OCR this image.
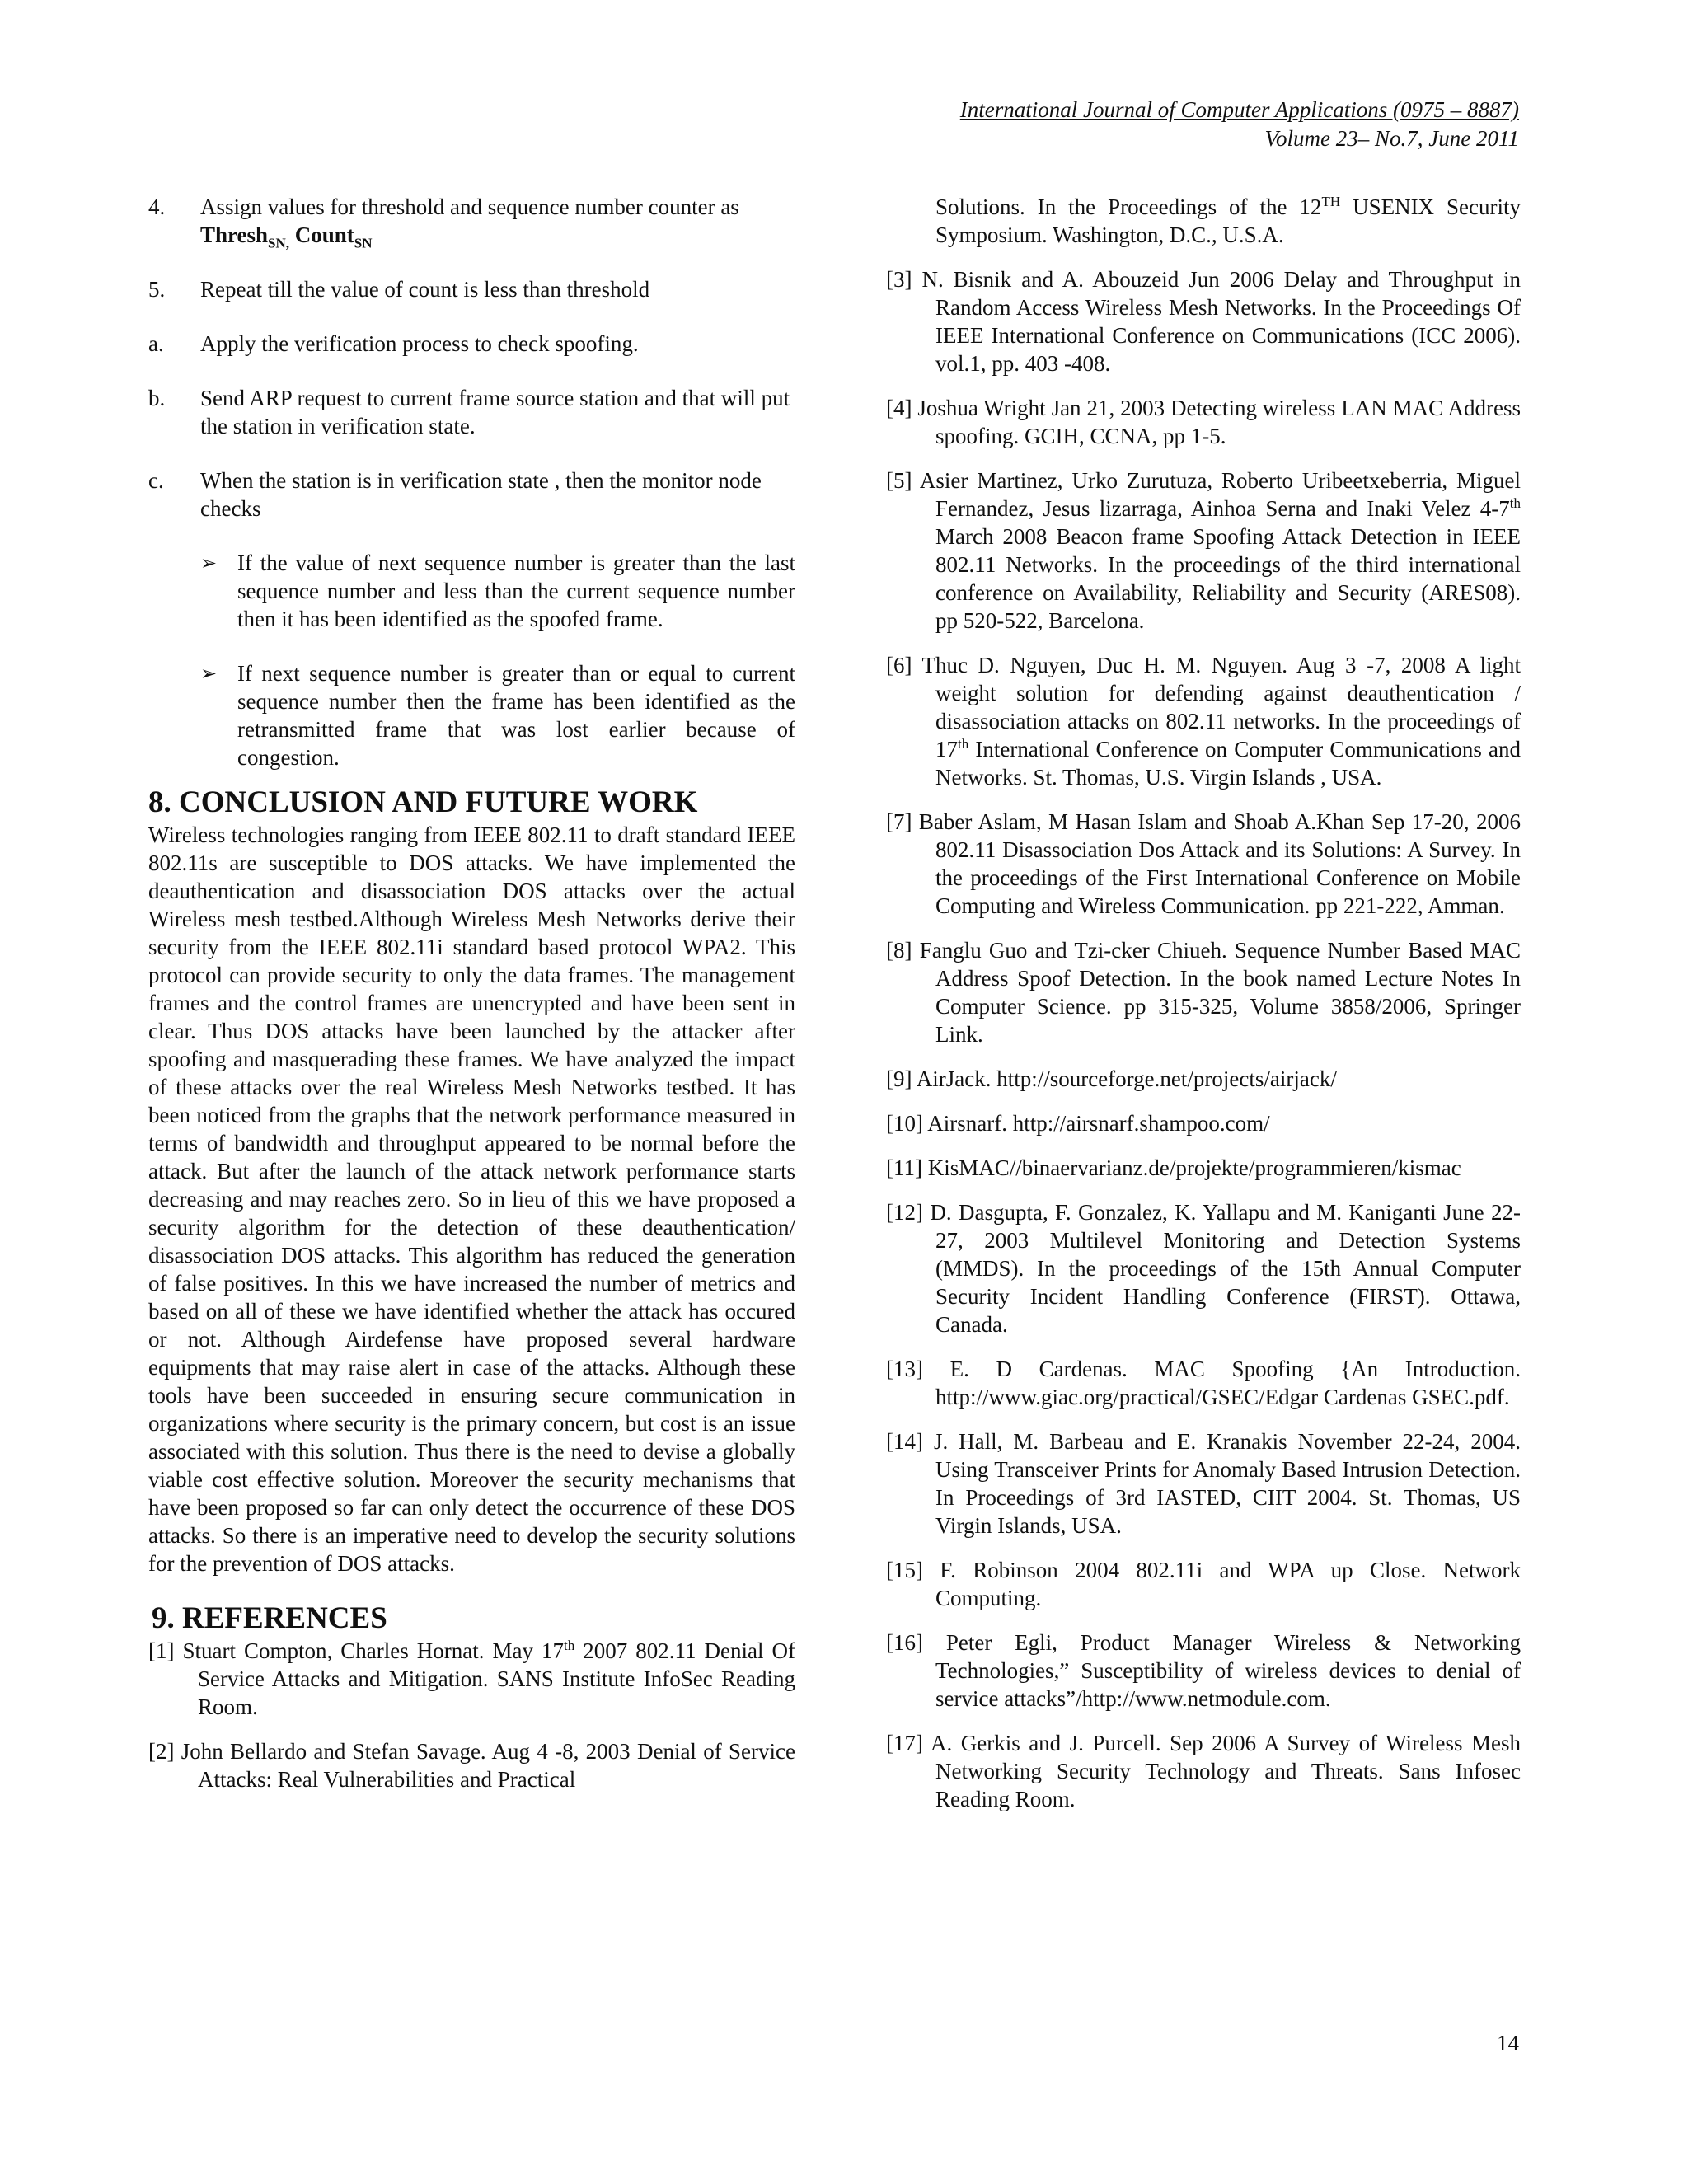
International Journal of Computer Applications (0975 – 8887)
Volume 23– No.7, June 2011
4.	Assign values for threshold and sequence number counter as Thresh$_{SN,}$ Count$_{SN}$
5.	Repeat till the value of count is less than threshold
a.	Apply the verification process to check spoofing.
b.	Send ARP request to current frame source station and that will put the station in verification state.
c.	When the station is in verification state , then the monitor node checks
➢ If the value of next sequence number is greater than the last sequence number and less than the current sequence number then it has been identified as the spoofed frame.
➢ If next sequence number is greater than or equal to current sequence number then the frame has been identified as the retransmitted frame that was lost earlier because of congestion.
8. CONCLUSION AND FUTURE WORK

Wireless technologies ranging from IEEE 802.11 to draft standard IEEE 802.11s are susceptible to DOS attacks. We have implemented the deauthentication and disassociation DOS attacks over the actual Wireless mesh testbed.Although Wireless Mesh Networks derive their security from the IEEE 802.11i standard based protocol WPA2. This protocol can provide security to only the data frames. The management frames and the control frames are unencrypted and have been sent in clear. Thus DOS attacks have been launched by the attacker after spoofing and masquerading these frames. We have analyzed the impact of these attacks over the real Wireless Mesh Networks testbed. It has been noticed from the graphs that the network performance measured in terms of bandwidth and throughput appeared to be normal before the attack. But after the launch of the attack network performance starts decreasing and may reaches zero. So in lieu of this we have proposed a security algorithm for the detection of these deauthentication/ disassociation DOS attacks. This algorithm has reduced the generation of false positives. In this we have increased the number of metrics and based on all of these we have identified whether the attack has occured or not. Although Airdefense have proposed several hardware equipments that may raise alert in case of the attacks. Although these tools have been succeeded in ensuring secure communication in organizations where security is the primary concern, but cost is an issue associated with this solution. Thus there is the need to devise a globally viable cost effective solution. Moreover the security mechanisms that have been proposed so far can only detect the occurrence of these DOS attacks. So there is an imperative need to develop the security solutions for the prevention of DOS attacks.

9. REFERENCES
[1] Stuart Compton, Charles Hornat. May 17th 2007 802.11 Denial Of Service Attacks and Mitigation. SANS Institute InfoSec Reading Room.
[2] John Bellardo and Stefan Savage. Aug 4 -8, 2003 Denial of Service Attacks: Real Vulnerabilities and Practical
Solutions. In the Proceedings of the 12TH USENIX Security Symposium. Washington, D.C., U.S.A.
[3] N. Bisnik and A. Abouzeid Jun 2006 Delay and Throughput in Random Access Wireless Mesh Networks. In the Proceedings Of IEEE International Conference on Communications (ICC 2006). vol.1, pp. 403 -408.
[4] Joshua Wright Jan 21, 2003 Detecting wireless LAN MAC Address spoofing. GCIH, CCNA, pp 1-5.
[5] Asier Martinez, Urko Zurutuza, Roberto Uribeetxeberria, Miguel Fernandez, Jesus lizarraga, Ainhoa Serna and Inaki Velez 4-7th March 2008 Beacon frame Spoofing Attack Detection in IEEE 802.11 Networks. In the proceedings of the third international conference on Availability, Reliability and Security (ARES08). pp 520-522, Barcelona.
[6] Thuc D. Nguyen, Duc H. M. Nguyen. Aug 3 -7, 2008 A light weight solution for defending against deauthentication / disassociation attacks on 802.11 networks. In the proceedings of 17th International Conference on Computer Communications and Networks. St. Thomas, U.S. Virgin Islands , USA.
[7] Baber Aslam, M Hasan Islam and Shoab A.Khan Sep 17-20, 2006 802.11 Disassociation Dos Attack and its Solutions: A Survey. In the proceedings of the First International Conference on Mobile Computing and Wireless Communication. pp 221-222, Amman.
[8] Fanglu Guo and Tzi-cker Chiueh. Sequence Number Based MAC Address Spoof Detection. In the book named Lecture Notes In Computer Science. pp 315-325, Volume 3858/2006, Springer Link.
[9] AirJack. http://sourceforge.net/projects/airjack/
[10] Airsnarf. http://airsnarf.shampoo.com/
[11] KisMAC//binaervarianz.de/projekte/programmieren/kismac
[12] D. Dasgupta, F. Gonzalez, K. Yallapu and M. Kaniganti June 22-27, 2003 Multilevel Monitoring and Detection Systems (MMDS). In the proceedings of the 15th Annual Computer Security Incident Handling Conference (FIRST). Ottawa, Canada.
[13] E. D Cardenas. MAC Spoofing {An Introduction. http://www.giac.org/practical/GSEC/Edgar Cardenas GSEC.pdf.
[14] J. Hall, M. Barbeau and E. Kranakis November 22-24, 2004. Using Transceiver Prints for Anomaly Based Intrusion Detection. In Proceedings of 3rd IASTED, CIIT 2004. St. Thomas, US Virgin Islands, USA.
[15] F. Robinson 2004 802.11i and WPA up Close. Network Computing.
[16] Peter Egli, Product Manager Wireless & Networking Technologies,” Susceptibility of wireless devices to denial of service attacks”/http://www.netmodule.com.
[17] A. Gerkis and J. Purcell. Sep 2006 A Survey of Wireless Mesh Networking Security Technology and Threats. Sans Infosec Reading Room.
14
